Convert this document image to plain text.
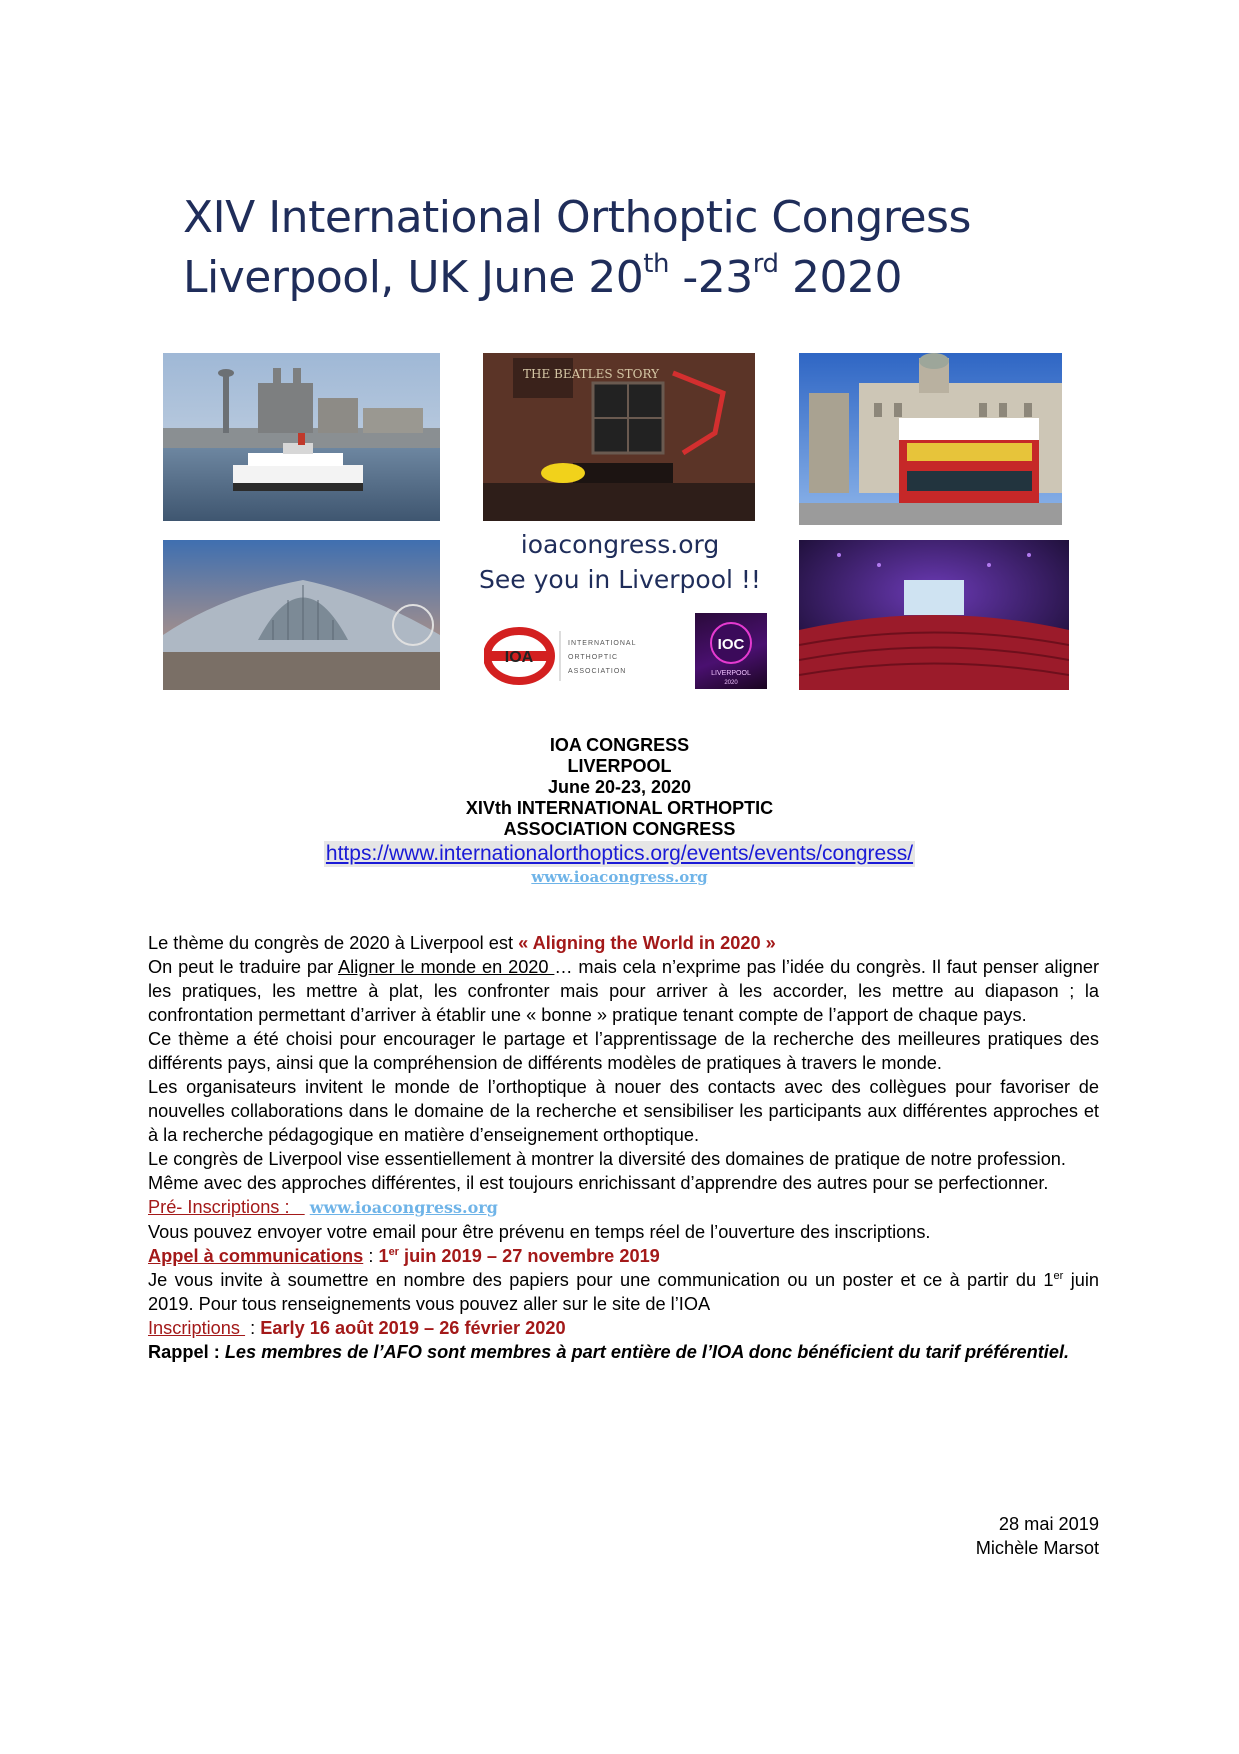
XIV International Orthoptic Congress
Liverpool, UK June 20th -23rd 2020
THE BEATLES STORY
ioacongress.org
See you in Liverpool !!
IOA
INTERNATIONAL
ORTHOPTIC
ASSOCIATION
IOC
LIVERPOOL
2020
IOA CONGRESS
LIVERPOOL
June 20-23, 2020
XIVth INTERNATIONAL ORTHOPTIC
ASSOCIATION CONGRESS
https://www.internationalorthoptics.org/events/events/congress/
www.ioacongress.org

Le thème du congrès de 2020 à Liverpool est « Aligning the World in 2020 »

On peut le traduire par Aligner le monde en 2020 … mais cela n’exprime pas l’idée du congrès. Il faut penser aligner les pratiques, les mettre à plat, les confronter mais pour arriver à les accorder, les mettre au diapason ; la confrontation permettant d’arriver à établir une « bonne » pratique tenant compte de l’apport de chaque pays.

Ce thème a été choisi pour encourager le partage et l’apprentissage de la recherche des meilleures pratiques des différents pays, ainsi que la compréhension de différents modèles de pratiques à travers le monde.

Les organisateurs invitent le monde de l’orthoptique à nouer des contacts avec des collègues pour favoriser de nouvelles collaborations dans le domaine de la recherche et sensibiliser les participants aux différentes approches et à la recherche pédagogique en matière d’enseignement orthoptique.

Le congrès de Liverpool vise essentiellement à montrer la diversité des domaines de pratique de notre profession.

Même avec des approches différentes, il est toujours enrichissant d’apprendre des autres pour se perfectionner.

Pré- Inscriptions : www.ioacongress.org

Vous pouvez envoyer votre email pour être prévenu en temps réel de l’ouverture des inscriptions.

Appel à communications : 1er juin 2019 – 27 novembre 2019

Je vous invite à soumettre en nombre des papiers pour une communication ou un poster et ce à partir du 1er juin 2019. Pour tous renseignements vous pouvez aller sur le site de l’IOA

Inscriptions  : Early 16 août 2019 – 26 février 2020

Rappel : Les membres de l’AFO sont membres à part entière de l’IOA donc bénéficient du tarif préférentiel.

28 mai 2019
Michèle Marsot
